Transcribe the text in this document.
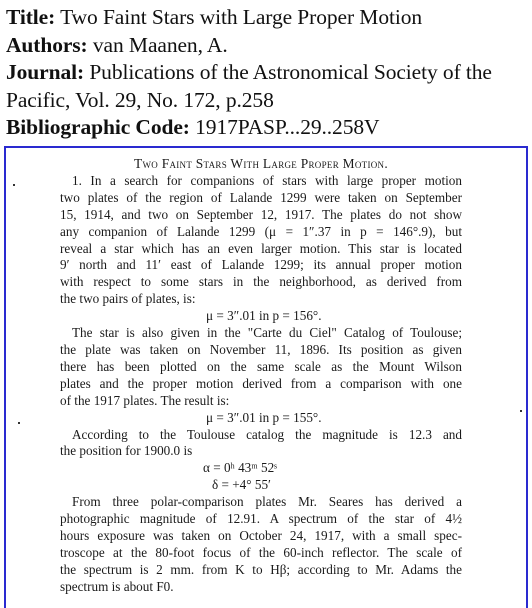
Title: Two Faint Stars with Large Proper Motion
Authors: van Maanen, A.
Journal: Publications of the Astronomical Society of the
Pacific, Vol. 29, No. 172, p.258
Bibliographic Code: 1917PASP...29..258V
Two Faint Stars With Large Proper Motion.
1. In a search for companions of stars with large proper motion
two plates of the region of Lalande 1299 were taken on September
15, 1914, and two on September 12, 1917. The plates do not show
any companion of Lalande 1299 (μ = 1″.37 in p = 146°.9), but
reveal a star which has an even larger motion. This star is located
9′ north and 11′ east of Lalande 1299; its annual proper motion
with respect to some stars in the neighborhood, as derived from
the two pairs of plates, is:
μ = 3″.01 in p = 156°.
The star is also given in the "Carte du Ciel" Catalog of Toulouse;
the plate was taken on November 11, 1896. Its position as given
there has been plotted on the same scale as the Mount Wilson
plates and the proper motion derived from a comparison with one
of the 1917 plates. The result is:
μ = 3″.01 in p = 155°.
According to the Toulouse catalog the magnitude is 12.3 and
the position for 1900.0 is
α = 0ʰ 43ᵐ 52ˢ
δ = +4° 55′
From three polar-comparison plates Mr. Seares has derived a
photographic magnitude of 12.91. A spectrum of the star of 4½
hours exposure was taken on October 24, 1917, with a small spec-
troscope at the 80-foot focus of the 60-inch reflector. The scale of
the spectrum is 2 mm. from K to Hβ; according to Mr. Adams the
spectrum is about F0.
